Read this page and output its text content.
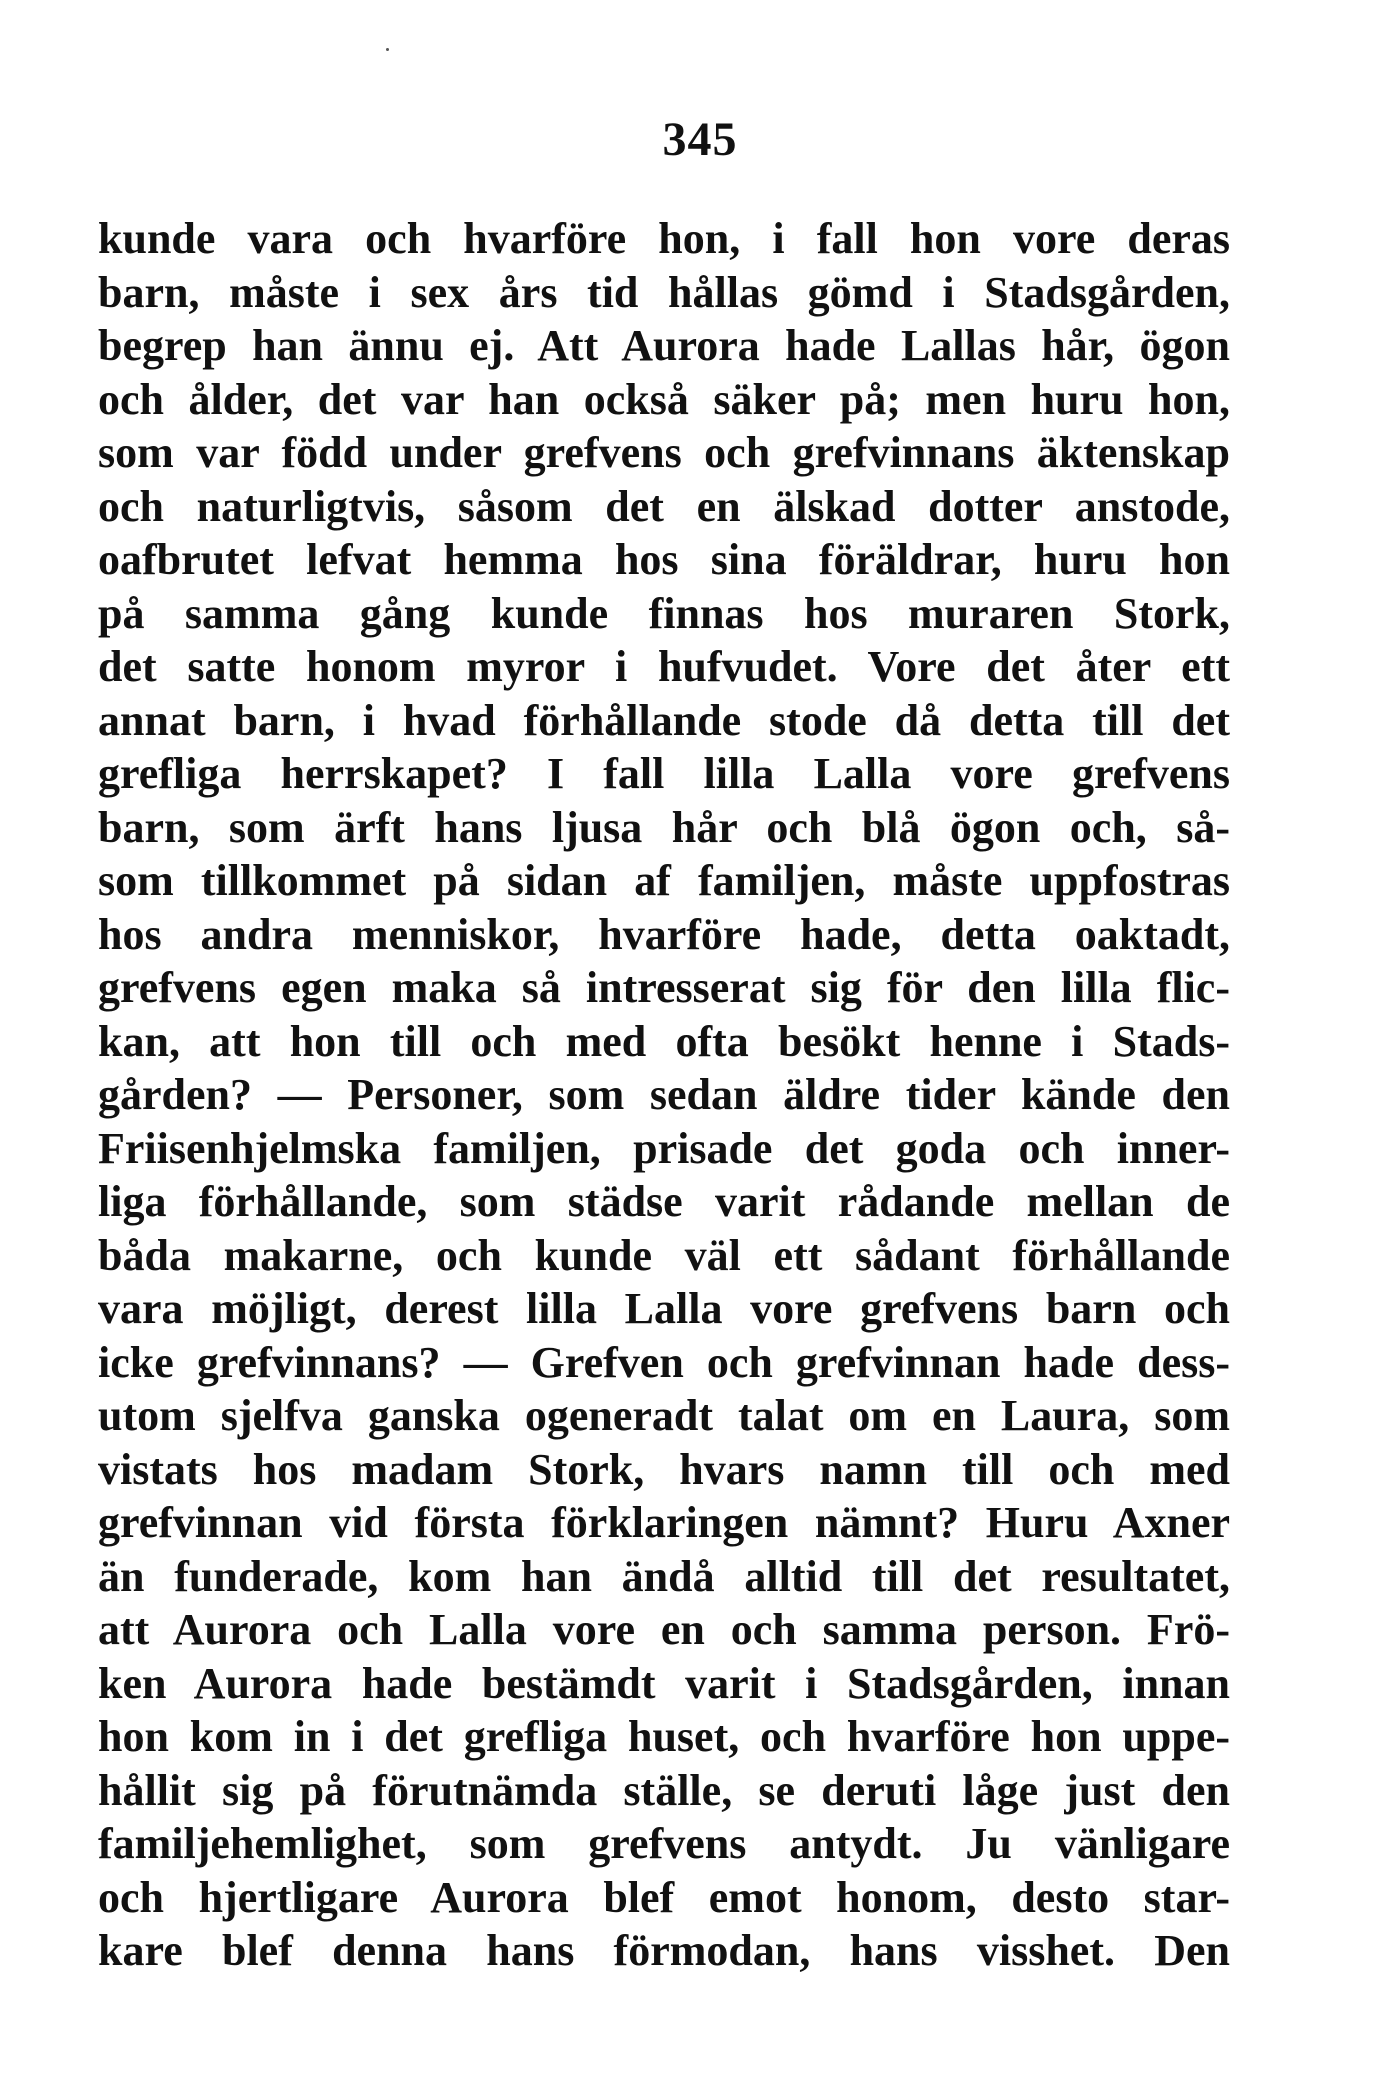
345
kunde vara och hvarföre hon, i fall hon vore deras
barn, måste i sex års tid hållas gömd i Stadsgården,
begrep han ännu ej. Att Aurora hade Lallas hår, ögon
och ålder, det var han också säker på; men huru hon,
som var född under grefvens och grefvinnans äktenskap
och naturligtvis, såsom det en älskad dotter anstode,
oafbrutet lefvat hemma hos sina föräldrar, huru hon
på samma gång kunde finnas hos muraren Stork,
det satte honom myror i hufvudet. Vore det åter ett
annat barn, i hvad förhållande stode då detta till det
grefliga herrskapet? I fall lilla Lalla vore grefvens
barn, som ärft hans ljusa hår och blå ögon och, så-
som tillkommet på sidan af familjen, måste uppfostras
hos andra menniskor, hvarföre hade, detta oaktadt,
grefvens egen maka så intresserat sig för den lilla flic-
kan, att hon till och med ofta besökt henne i Stads-
gården? — Personer, som sedan äldre tider kände den
Friisenhjelmska familjen, prisade det goda och inner-
liga förhållande, som städse varit rådande mellan de
båda makarne, och kunde väl ett sådant förhållande
vara möjligt, derest lilla Lalla vore grefvens barn och
icke grefvinnans? — Grefven och grefvinnan hade dess-
utom sjelfva ganska ogeneradt talat om en Laura, som
vistats hos madam Stork, hvars namn till och med
grefvinnan vid första förklaringen nämnt? Huru Axner
än funderade, kom han ändå alltid till det resultatet,
att Aurora och Lalla vore en och samma person. Frö-
ken Aurora hade bestämdt varit i Stadsgården, innan
hon kom in i det grefliga huset, och hvarföre hon uppe-
hållit sig på förutnämda ställe, se deruti låge just den
familjehemlighet, som grefvens antydt. Ju vänligare
och hjertligare Aurora blef emot honom, desto star-
kare blef denna hans förmodan, hans visshet. Den
